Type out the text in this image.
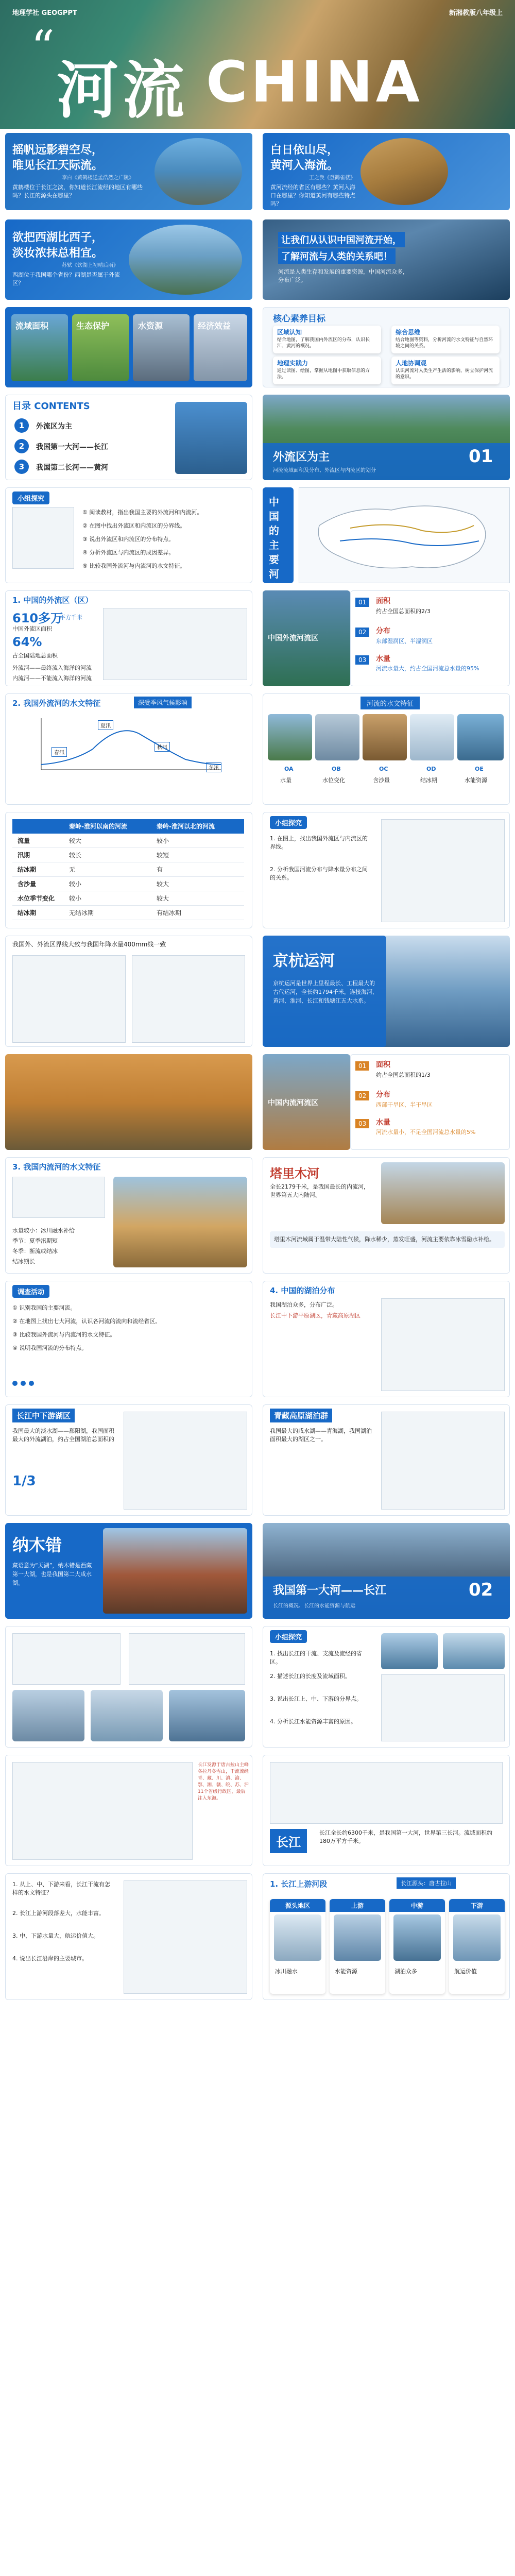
地理学社 GEOGPPT	新湘教版八年级上
“
河流 CHINA
摇帆远影碧空尽，
唯见长江天际流。
李白《黄鹤楼送孟浩然之广陵》
黄鹤楼位于长江之滨，你知道长江流经的地区有哪些吗？长江的源头在哪里？
白日依山尽，
黄河入海流。
王之涣《登鹳雀楼》
黄河流经的省区有哪些？黄河入海口在哪里？你知道黄河有哪些特点吗？
欲把西湖比西子，
淡妆浓抹总相宜。
苏轼《饮湖上初晴后雨》
西湖位于我国哪个省份？西湖是否属于外流区？
让我们从认识中国河流开始，
了解河流与人类的关系吧！
河流是人类生存和发展的重要资源，中国河流众多，分布广泛。
流域面积	生态保护	水资源	经济效益
核心素养目标
区域认知
结合地图，了解我国内外流区的分布，认识长江、黄河的概况。
综合思维
结合地图等资料，分析河流的水文特征与自然环境之间的关系。
地理实践力
通过读图、绘图，掌握从地图中获取信息的方法。
人地协调观
认识河流对人类生产生活的影响，树立保护河流的意识。
目录 CONTENTS
1	外流区为主
2	我国第一大河——长江
3	我国第二长河——黄河
外流区为主	01
河流流域面积及分布、外流区与内流区的划分
小组探究
① 阅读教材，指出我国主要的外流河和内流河。
② 在图中找出外流区和内流区的分界线。
③ 说出外流区和内流区的分布特点。
④ 分析外流区与内流区的成因差异。
⑤ 比较我国外流河与内流河的水文特征。
中国的主要河
1. 中国的外流区（区）
610多万
平方千米
中国外流区面积
64%
占全国陆地总面积
外流河——最终流入海洋的河流
内流河——不能流入海洋的河流
中国外流河流区
01	面积
约占全国总面积的2/3
02	分布
东部湿润区、半湿润区
03	水量
河流水量大，约占全国河流总水量的95%
2. 我国外流河的水文特征	深受季风气候影响
夏汛
春汛
秋汛
冬汛
河流的水文特征
OA	OB	OC	OD	OE
水量	水位变化	含沙量	结冰期	水能资源
秦岭-淮河以南的河流	秦岭-淮河以北的河流
流量	较大	较小
汛期	较长	较短
结冰期	无	有
含沙量	较小	较大
水位季节变化 较小	较大
结冰期	无结冰期	有结冰期
小组探究
1. 在图上，找出我国外流区与内流区的界线。
2. 分析我国河流分布与降水量分布之间的关系。
我国外、外流区界线大致与我国年降水量400mm线一致
京杭运河
京杭运河是世界上里程最长、工程最大的古代运河，全长约1794千米，连接海河、黄河、淮河、长江和钱塘江五大水系。
中国内流河流区
01	面积
约占全国总面积的1/3
02	分布
西部干旱区、半干旱区
03	水量
河流水量小，不足全国河流总水量的5%
3. 我国内流河的水文特征
水量较小：冰川融水补给
季节：夏季汛期短
冬季：断流或结冰
结冰期长
塔里木河
全长2179千米，是我国最长的内流河，世界第五大内陆河。
塔里木河流域属于温带大陆性气候，降水稀少，蒸发旺盛，河流主要依靠冰雪融水补给。
调查活动
① 识别我国的主要河流。
② 在地图上找出七大河流，认识各河流的流向和流经省区。
③ 比较我国外流河与内流河的水文特征。
④ 说明我国河流的分布特点。
4. 中国的湖泊分布
我国湖泊众多，分布广泛。
长江中下游平原湖区，青藏高原湖区
长江中下游湖区
我国最大的淡水湖——鄱阳湖，我国面积最大的外流湖泊，约占全国湖泊总面积的
1/3
青藏高原湖泊群
我国最大的咸水湖——青海湖，我国湖泊面积最大的湖区之一。
纳木错
藏语意为“天湖”，纳木错是西藏第一大湖，也是我国第二大咸水湖。
我国第一大河——长江	02
长江的概况、长江的水能资源与航运
小组探究
1. 找出长江的干流、支流及流经的省区。
2. 描述长江的长度及流域面积。
3. 说出长江上、中、下游的分界点。
4. 分析长江水能资源丰富的原因。
长江发源于唐古拉山主峰各拉丹冬雪山，干流流经青、藏、川、滇、渝、鄂、湘、赣、皖、苏、沪11个省级行政区，最后注入东海。
长江
长江全长约6300千米，是我国第一大河，世界第三长河。流域面积约180万平方千米。
1. 从上、中、下游来看，长江干流有怎样的水文特征？
2. 长江上游河段落差大，水能丰富。
3. 中、下游水量大，航运价值大。
4. 说出长江沿岸的主要城市。
1. 长江上游河段	长江源头：唐古拉山
源头地区
冰川融水
上游
水能资源
中游
湖泊众多
下游
航运价值
